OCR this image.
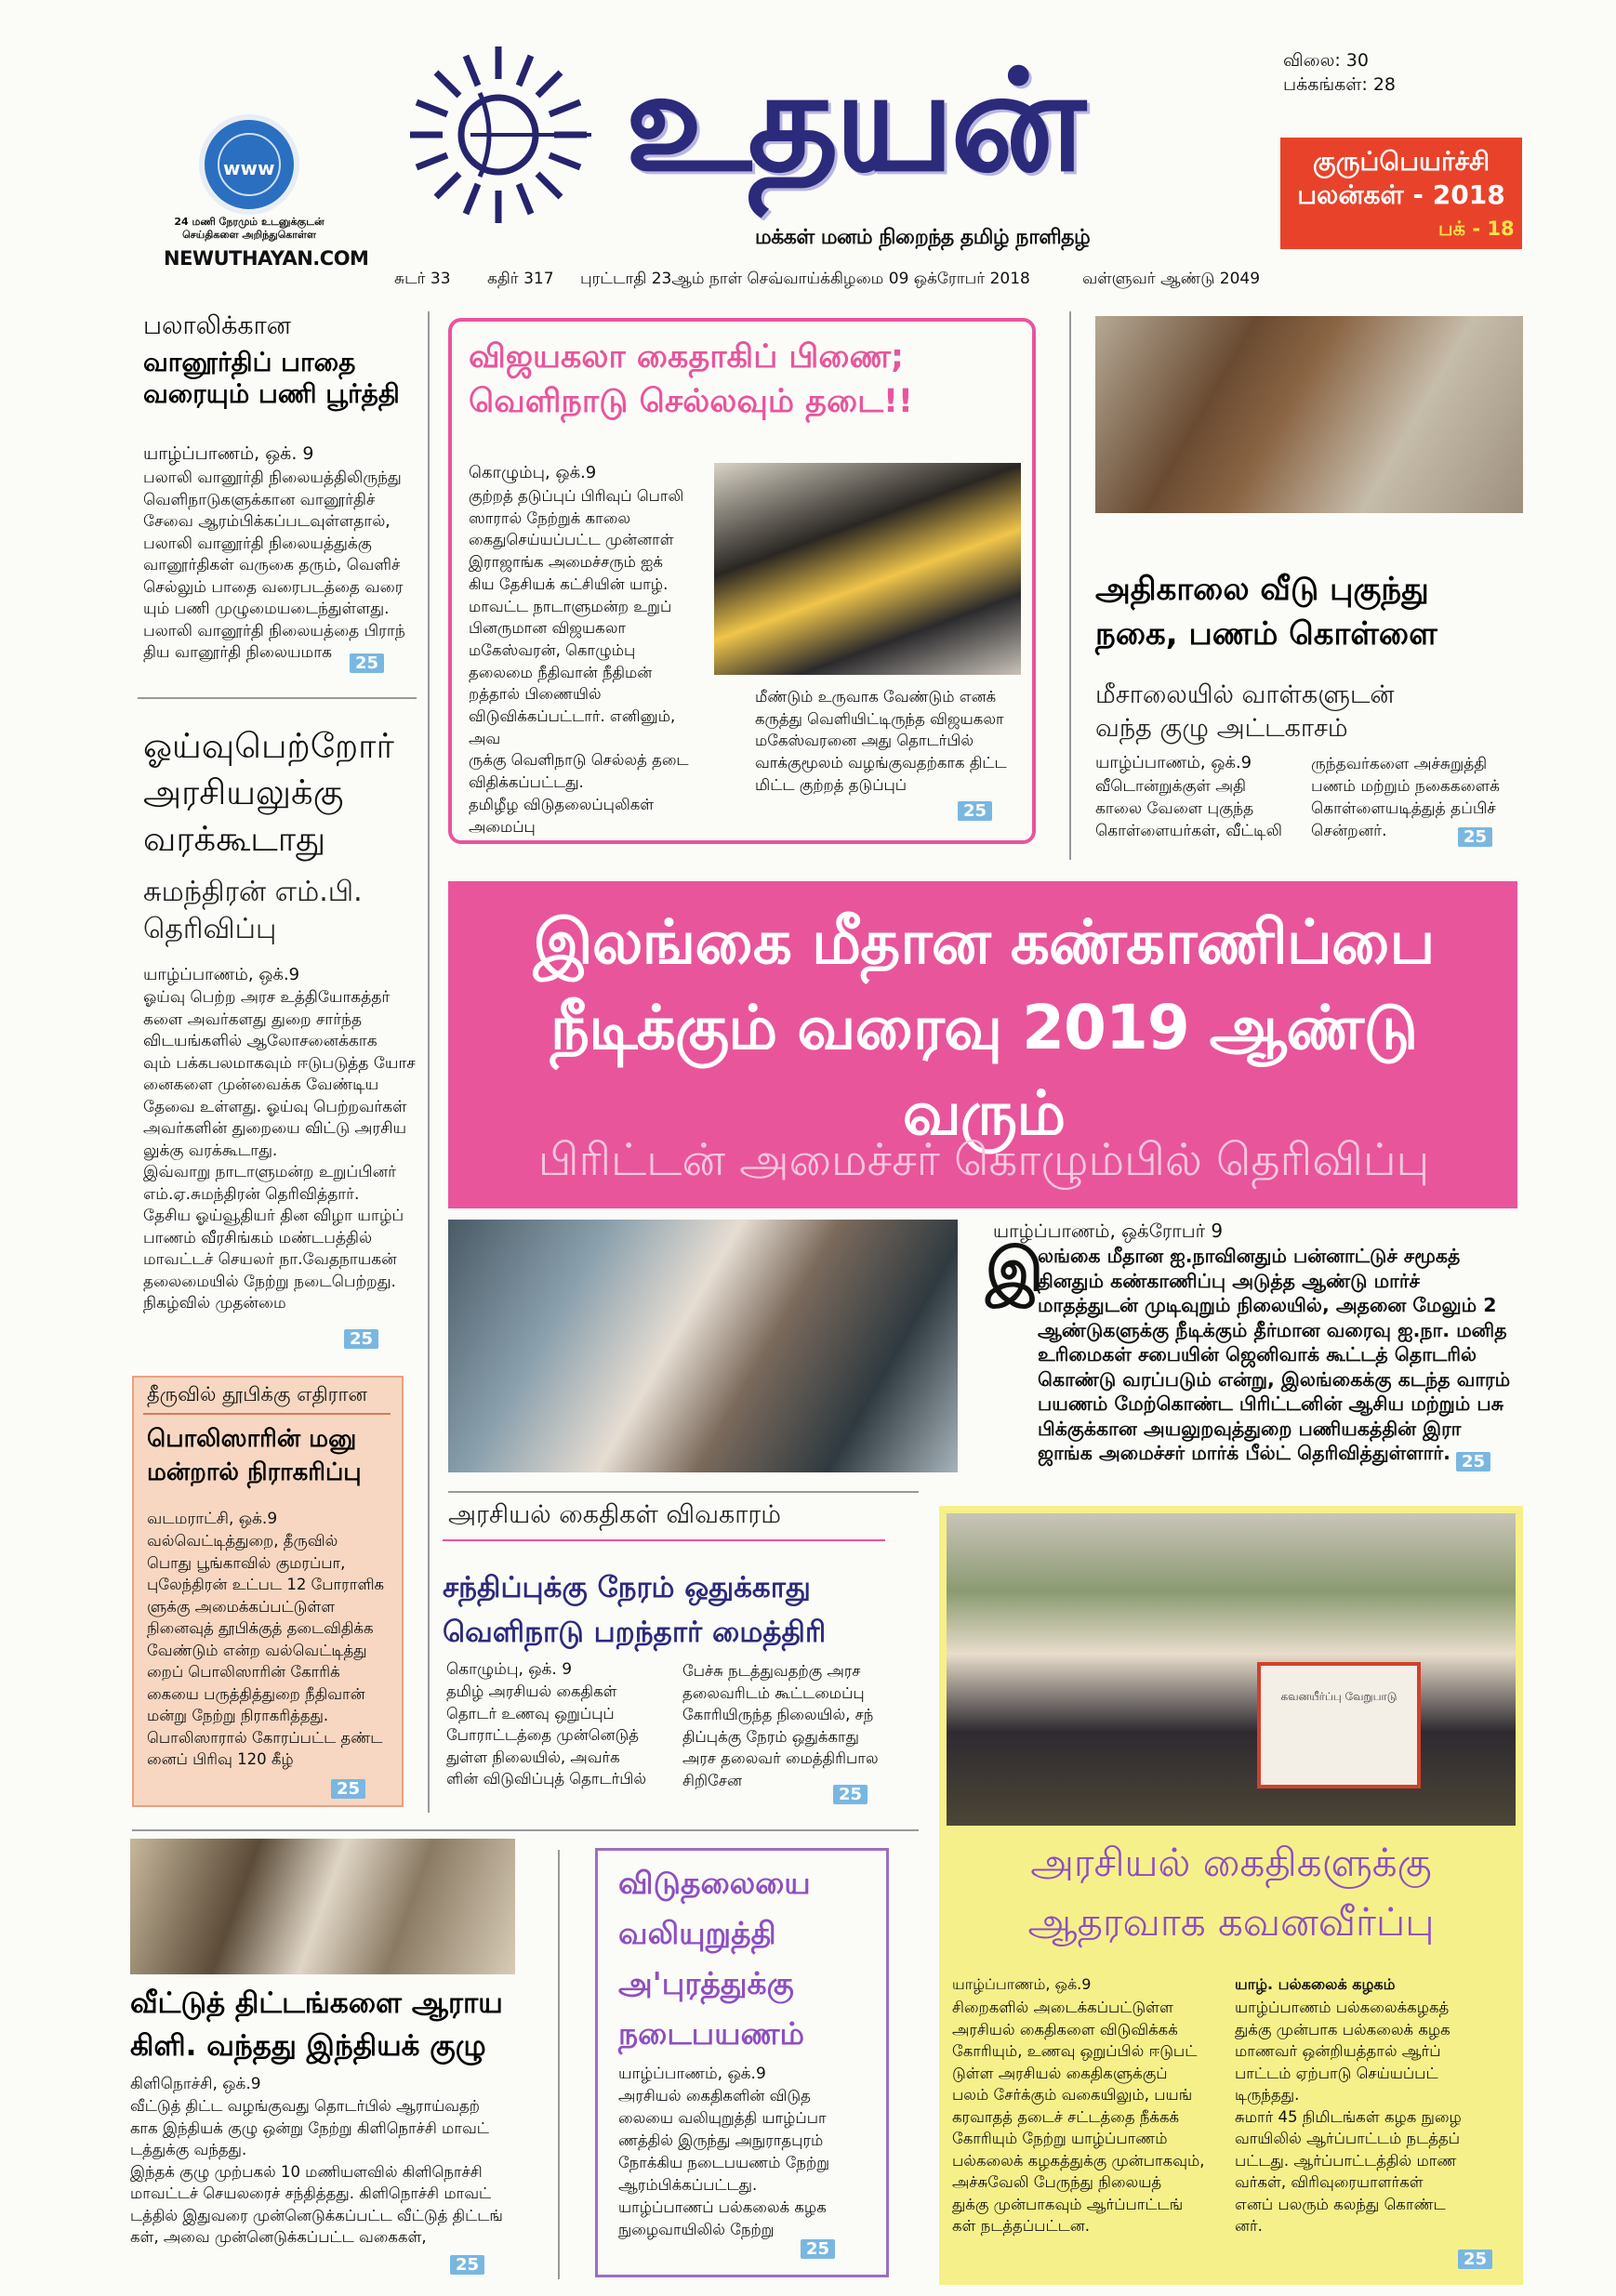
www
24 மணி நேரமும் உடனுக்குடன்
செய்திகளை அறிந்துகொள்ள
NEWUTHAYAN.COM
உதயன்
மக்கள் மனம் நிறைந்த தமிழ் நாளிதழ்
விலை: 30
பக்கங்கள்: 28
குருப்பெயர்ச்சி
பலன்கள் - 2018
பக் - 18
சுடர் 33 கதிர் 317 புரட்டாதி 23ஆம் நாள் செவ்வாய்க்கிழமை 09 ஒக்ரோபர் 2018	வள்ளுவர் ஆண்டு 2049
பலாலிக்கான
வானூர்திப் பாதை
வரையும் பணி பூர்த்தி
யாழ்ப்பாணம், ஒக். 9
பலாலி வானூர்தி நிலையத்திலிருந்து
வெளிநாடுகளுக்கான வானூர்திச்
சேவை ஆரம்பிக்கப்படவுள்ளதால்,
பலாலி வானூர்தி நிலையத்துக்கு
வானூர்திகள் வருகை தரும், வெளிச்
செல்லும் பாதை வரைபடத்தை வரை
யும் பணி முழுமையடைந்துள்ளது.
பலாலி வானூர்தி நிலையத்தை பிராந்
திய வானூர்தி நிலையமாக
25
ஓய்வுபெற்றோர்
அரசியலுக்கு
வரக்கூடாது
சுமந்திரன் எம்.பி.
தெரிவிப்பு
யாழ்ப்பாணம், ஒக்.9
ஓய்வு பெற்ற அரச உத்தியோகத்தர்
களை அவர்களது துறை சார்ந்த
விடயங்களில் ஆலோசனைக்காக
வும் பக்கபலமாகவும் ஈடுபடுத்த யோச
னைகளை முன்வைக்க வேண்டிய
தேவை உள்ளது. ஓய்வு பெற்றவர்கள்
அவர்களின் துறையை விட்டு அரசிய
லுக்கு வரக்கூடாது.
இவ்வாறு நாடாளுமன்ற உறுப்பினர்
எம்.ஏ.சுமந்திரன் தெரிவித்தார்.
தேசிய ஓய்வூதியர் தின விழா யாழ்ப்
பாணம் வீரசிங்கம் மண்டபத்தில்
மாவட்டச் செயலர் நா.வேதநாயகன்
தலைமையில் நேற்று நடைபெற்றது.
நிகழ்வில் முதன்மை
25
தீருவில் தூபிக்கு எதிரான
பொலிஸாரின் மனு
மன்றால் நிராகரிப்பு
வடமராட்சி, ஒக்.9
வல்வெட்டித்துறை, தீருவில்
பொது பூங்காவில் குமரப்பா,
புலேந்திரன் உட்பட 12 போராளிக
ளுக்கு அமைக்கப்பட்டுள்ள
நினைவுத் தூபிக்குத் தடைவிதிக்க
வேண்டும் என்ற வல்வெட்டித்து
றைப் பொலிஸாரின் கோரிக்
கையை பருத்தித்துறை நீதிவான்
மன்று நேற்று நிராகரித்தது.
பொலிஸாரால் கோரப்பட்ட தண்ட
னைப் பிரிவு 120 கீழ்
25
விஜயகலா கைதாகிப் பிணை;
வெளிநாடு செல்லவும் தடை!!
கொழும்பு, ஒக்.9
குற்றத் தடுப்புப் பிரிவுப் பொலி
ஸாரால் நேற்றுக் காலை
கைதுசெய்யப்பட்ட முன்னாள்
இராஜாங்க அமைச்சரும் ஐக்
கிய தேசியக் கட்சியின் யாழ்.
மாவட்ட நாடாளுமன்ற உறுப்
பினருமான விஜயகலா
மகேஸ்வரன், கொழும்பு
தலைமை நீதிவான் நீதிமன்
றத்தால் பிணையில்
விடுவிக்கப்பட்டார். எனினும், அவ
ருக்கு வெளிநாடு செல்லத் தடை
விதிக்கப்பட்டது.
தமிழீழ விடுதலைப்புலிகள் அமைப்பு
மீண்டும் உருவாக வேண்டும் எனக்
கருத்து வெளியிட்டிருந்த விஜயகலா
மகேஸ்வரனை அது தொடர்பில்
வாக்குமூலம் வழங்குவதற்காக திட்ட
மிட்ட குற்றத் தடுப்புப்
25
அதிகாலை வீடு புகுந்து
நகை, பணம் கொள்ளை
மீசாலையில் வாள்களுடன்
வந்த குழு அட்டகாசம்
யாழ்ப்பாணம், ஒக்.9
வீடொன்றுக்குள் அதி
காலை வேளை புகுந்த
கொள்ளையர்கள், வீட்டிலி
ருந்தவர்களை அச்சுறுத்தி
பணம் மற்றும் நகைகளைக்
கொள்ளையடித்துத் தப்பிச்
சென்றனர்.	25
இலங்கை மீதான கண்காணிப்பை
நீடிக்கும் வரைவு 2019 ஆண்டு வரும்
பிரிட்டன் அமைச்சர் கொழும்பில் தெரிவிப்பு
யாழ்ப்பாணம், ஒக்ரோபர் 9
இ
லங்கை மீதான ஐ.நாவினதும் பன்னாட்டுச் சமூகத்
தினதும் கண்காணிப்பு அடுத்த ஆண்டு மார்ச்
மாதத்துடன் முடிவுறும் நிலையில், அதனை மேலும் 2
ஆண்டுகளுக்கு நீடிக்கும் தீர்மான வரைவு ஐ.நா. மனித
உரிமைகள் சபையின் ஜெனிவாக் கூட்டத் தொடரில்
கொண்டு வரப்படும் என்று, இலங்கைக்கு கடந்த வாரம்
பயணம் மேற்கொண்ட பிரிட்டனின் ஆசிய மற்றும் பசு
பிக்குக்கான அயலுறவுத்துறை பணியகத்தின் இரா
ஜாங்க அமைச்சர் மார்க் பீல்ட் தெரிவித்துள்ளார். 25
அரசியல் கைதிகள் விவகாரம்
சந்திப்புக்கு நேரம் ஒதுக்காது
வெளிநாடு பறந்தார் மைத்திரி
கொழும்பு, ஒக். 9
தமிழ் அரசியல் கைதிகள்
தொடர் உணவு ஒறுப்புப்
போராட்டத்தை முன்னெடுத்
துள்ள நிலையில், அவர்க
ளின் விடுவிப்புத் தொடர்பில்
பேச்சு நடத்துவதற்கு அரச
தலைவரிடம் கூட்டமைப்பு
கோரியிருந்த நிலையில், சந்
திப்புக்கு நேரம் ஒதுக்காது
அரச தலைவர் மைத்திரிபால
சிறிசேன
25
கவனயீர்ப்பு வேறுபாடு
அரசியல் கைதிகளுக்கு
ஆதரவாக கவனவீர்ப்பு
யாழ்ப்பாணம், ஒக்.9
சிறைகளில் அடைக்கப்பட்டுள்ள
அரசியல் கைதிகளை விடுவிக்கக்
கோரியும், உணவு ஒறுப்பில் ஈடுபட்
டுள்ள அரசியல் கைதிகளுக்குப்
பலம் சேர்க்கும் வகையிலும், பயங்
கரவாதத் தடைச் சட்டத்தை நீக்கக்
கோரியும் நேற்று யாழ்ப்பாணம்
பல்கலைக் கழகத்துக்கு முன்பாகவும்,
அச்சுவேலி பேருந்து நிலையத்
துக்கு முன்பாகவும் ஆர்ப்பாட்டங்
கள் நடத்தப்பட்டன.
யாழ். பல்கலைக் கழகம்
யாழ்ப்பாணம் பல்கலைக்கழகத்
துக்கு முன்பாக பல்கலைக் கழக
மாணவர் ஒன்றியத்தால் ஆர்ப்
பாட்டம் ஏற்பாடு செய்யப்பட்
டிருந்தது.
சுமார் 45 நிமிடங்கள் கழக நுழை
வாயிலில் ஆர்ப்பாட்டம் நடத்தப்
பட்டது. ஆர்ப்பாட்டத்தில் மாண
வர்கள், விரிவுரையாளர்கள்
எனப் பலரும் கலந்து கொண்ட
னர்.
25
வீட்டுத் திட்டங்களை ஆராய
கிளி. வந்தது இந்தியக் குழு
கிளிநொச்சி, ஒக்.9
வீட்டுத் திட்ட வழங்குவது தொடர்பில் ஆராய்வதற்
காக இந்தியக் குழு ஒன்று நேற்று கிளிநொச்சி மாவட்
டத்துக்கு வந்தது.
இந்தக் குழு முற்பகல் 10 மணியளவில் கிளிநொச்சி
மாவட்டச் செயலரைச் சந்தித்தது. கிளிநொச்சி மாவட்
டத்தில் இதுவரை முன்னெடுக்கப்பட்ட வீட்டுத் திட்டங்
கள், அவை முன்னெடுக்கப்பட்ட வகைகள்,
25
விடுதலையை
வலியுறுத்தி
அ'புரத்துக்கு
நடைபயணம்
யாழ்ப்பாணம், ஒக்.9
அரசியல் கைதிகளின் விடுத
லையை வலியுறுத்தி யாழ்ப்பா
ணத்தில் இருந்து அநுராதபுரம்
நோக்கிய நடைபயணம் நேற்று
ஆரம்பிக்கப்பட்டது.
யாழ்ப்பாணப் பல்கலைக் கழக
நுழைவாயிலில் நேற்று
25
